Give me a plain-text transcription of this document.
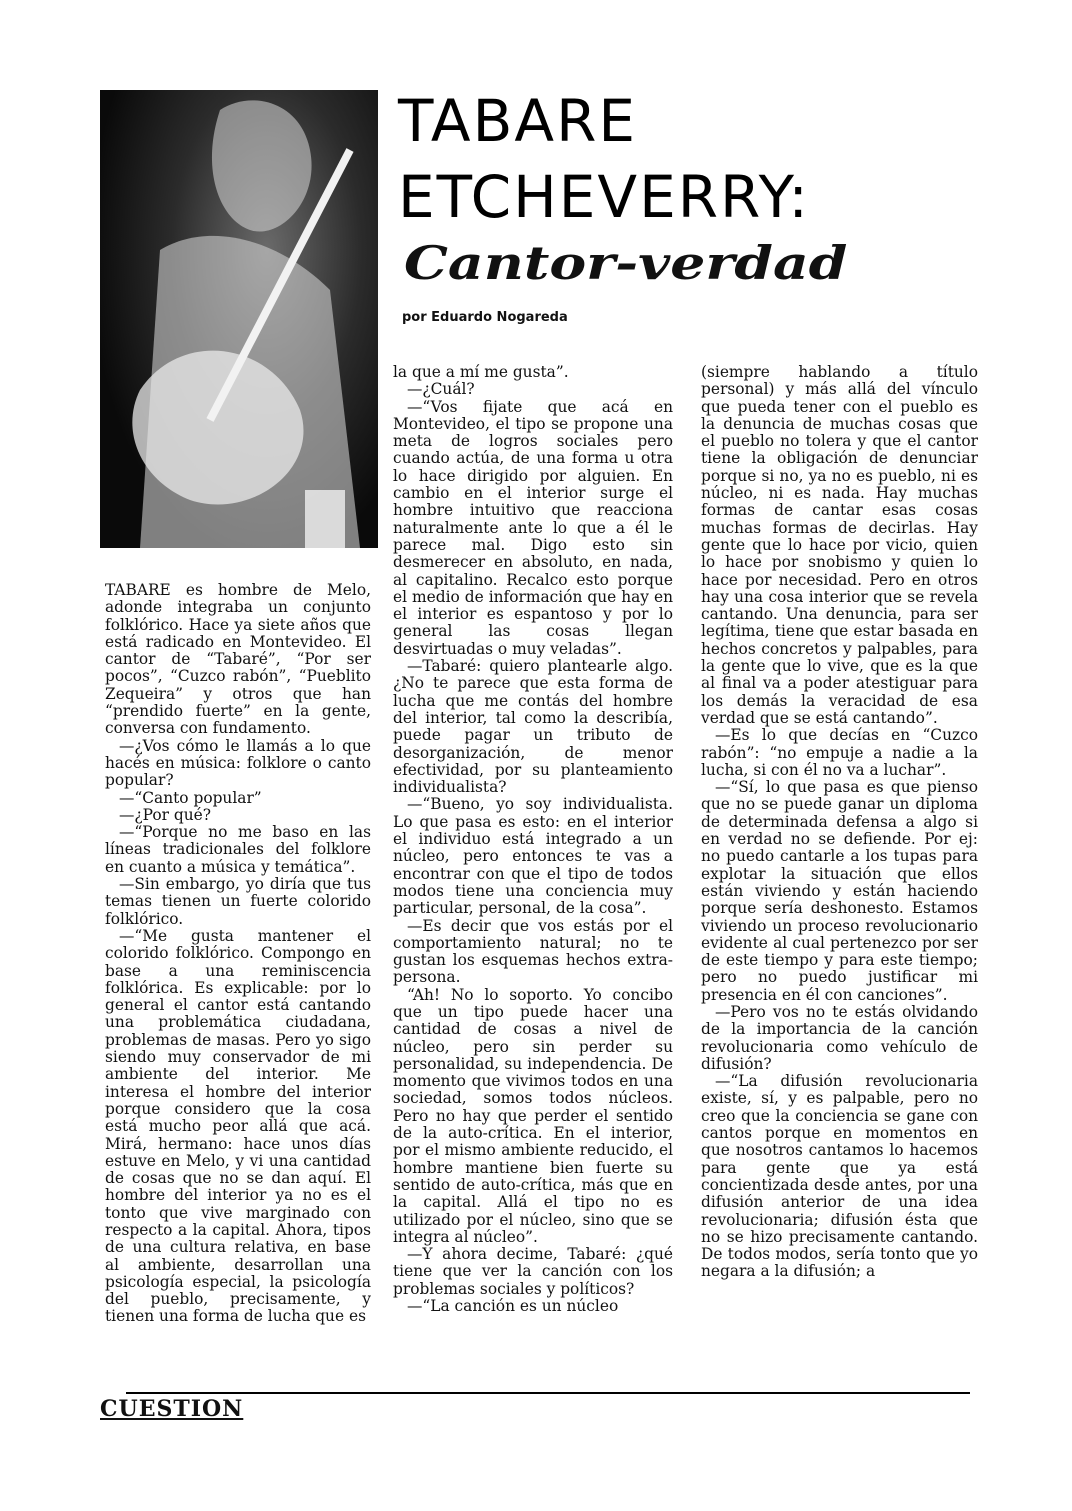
TABARE
ETCHEVERRY:
Cantor-verdad
por Eduardo Nogareda

TABARE es hombre de Melo, adonde integraba un conjunto folklórico. Hace ya siete años que está radicado en Montevideo. El cantor de “Tabaré”, “Por ser pocos”, “Cuzco rabón”, “Pueblito Zequeira” y otros que han “prendido fuerte” en la gente, conversa con fundamento.

—¿Vos cómo le llamás a lo que hacés en música: folklore o canto popular?

—“Canto popular”

—¿Por qué?

—“Porque no me baso en las líneas tradicionales del folklore en cuanto a música y temática”.

—Sin embargo, yo diría que tus temas tienen un fuerte colorido folklórico.

—“Me gusta mantener el colorido folklórico. Compongo en base a una reminiscencia folklórica. Es explicable: por lo general el cantor está cantando una problemática ciudadana, problemas de masas. Pero yo sigo siendo muy conservador de mi ambiente del interior. Me interesa el hombre del interior porque considero que la cosa está mucho peor allá que acá. Mirá, hermano: hace unos días estuve en Melo, y vi una cantidad de cosas que no se dan aquí. El hombre del interior ya no es el tonto que vive marginado con respecto a la capital. Ahora, tipos de una cultura relativa, en base al ambiente, desarrollan una psicología especial, la psicología del pueblo, precisamente, y tienen una forma de lucha que es

la que a mí me gusta”.

—¿Cuál?

—“Vos fijate que acá en Montevideo, el tipo se propone una meta de logros sociales pero cuando actúa, de una forma u otra lo hace dirigido por alguien. En cambio en el interior surge el hombre intuitivo que reacciona naturalmente ante lo que a él le parece mal. Digo esto sin desmerecer en absoluto, en nada, al capitalino. Recalco esto porque el medio de información que hay en el interior es espantoso y por lo general las cosas llegan desvirtuadas o muy veladas”.

—Tabaré: quiero plantearle algo. ¿No te parece que esta forma de lucha que me contás del hombre del interior, tal como la describía, puede pagar un tributo de desorganización, de menor efectividad, por su planteamiento individualista?

—“Bueno, yo soy individualista. Lo que pasa es esto: en el interior el individuo está integrado a un núcleo, pero entonces te vas a encontrar con que el tipo de todos modos tiene una conciencia muy particular, personal, de la cosa”.

—Es decir que vos estás por el comportamiento natural; no te gustan los esquemas hechos extra-persona.

“Ah! No lo soporto. Yo concibo que un tipo puede hacer una cantidad de cosas a nivel de núcleo, pero sin perder su personalidad, su independencia. De momento que vivimos todos en una sociedad, somos todos núcleos. Pero no hay que perder el sentido de la auto-crítica. En el interior, por el mismo ambiente reducido, el hombre mantiene bien fuerte su sentido de auto-crítica, más que en la capital. Allá el tipo no es utilizado por el núcleo, sino que se integra al núcleo”.

—Y ahora decime, Tabaré: ¿qué tiene que ver la canción con los problemas sociales y políticos?

—“La canción es un núcleo

(siempre hablando a título personal) y más allá del vínculo que pueda tener con el pueblo es la denuncia de muchas cosas que el pueblo no tolera y que el cantor tiene la obligación de denunciar porque si no, ya no es pueblo, ni es núcleo, ni es nada. Hay muchas formas de cantar esas cosas muchas formas de decirlas. Hay gente que lo hace por vicio, quien lo hace por snobismo y quien lo hace por necesidad. Pero en otros hay una cosa interior que se revela cantando. Una denuncia, para ser legítima, tiene que estar basada en hechos concretos y palpables, para la gente que lo vive, que es la que al final va a poder atestiguar para los demás la veracidad de esa verdad que se está cantando”.

—Es lo que decías en “Cuzco rabón”: “no empuje a nadie a la lucha, si con él no va a luchar”.

—“Sí, lo que pasa es que pienso que no se puede ganar un diploma de determinada defensa a algo si en verdad no se defiende. Por ej: no puedo cantarle a los tupas para explotar la situación que ellos están viviendo y están haciendo porque sería deshonesto. Estamos viviendo un proceso revolucionario evidente al cual pertenezco por ser de este tiempo y para este tiempo; pero no puedo justificar mi presencia en él con canciones”.

—Pero vos no te estás olvidando de la importancia de la canción revolucionaria como vehículo de difusión?

—“La difusión revolucionaria existe, sí, y es palpable, pero no creo que la conciencia se gane con cantos porque en momentos en que nosotros cantamos lo hacemos para gente que ya está concientizada desde antes, por una difusión anterior de una idea revolucionaria; difusión ésta que no se hizo precisamente cantando. De todos modos, sería tonto que yo negara a la difusión; a

CUESTION
